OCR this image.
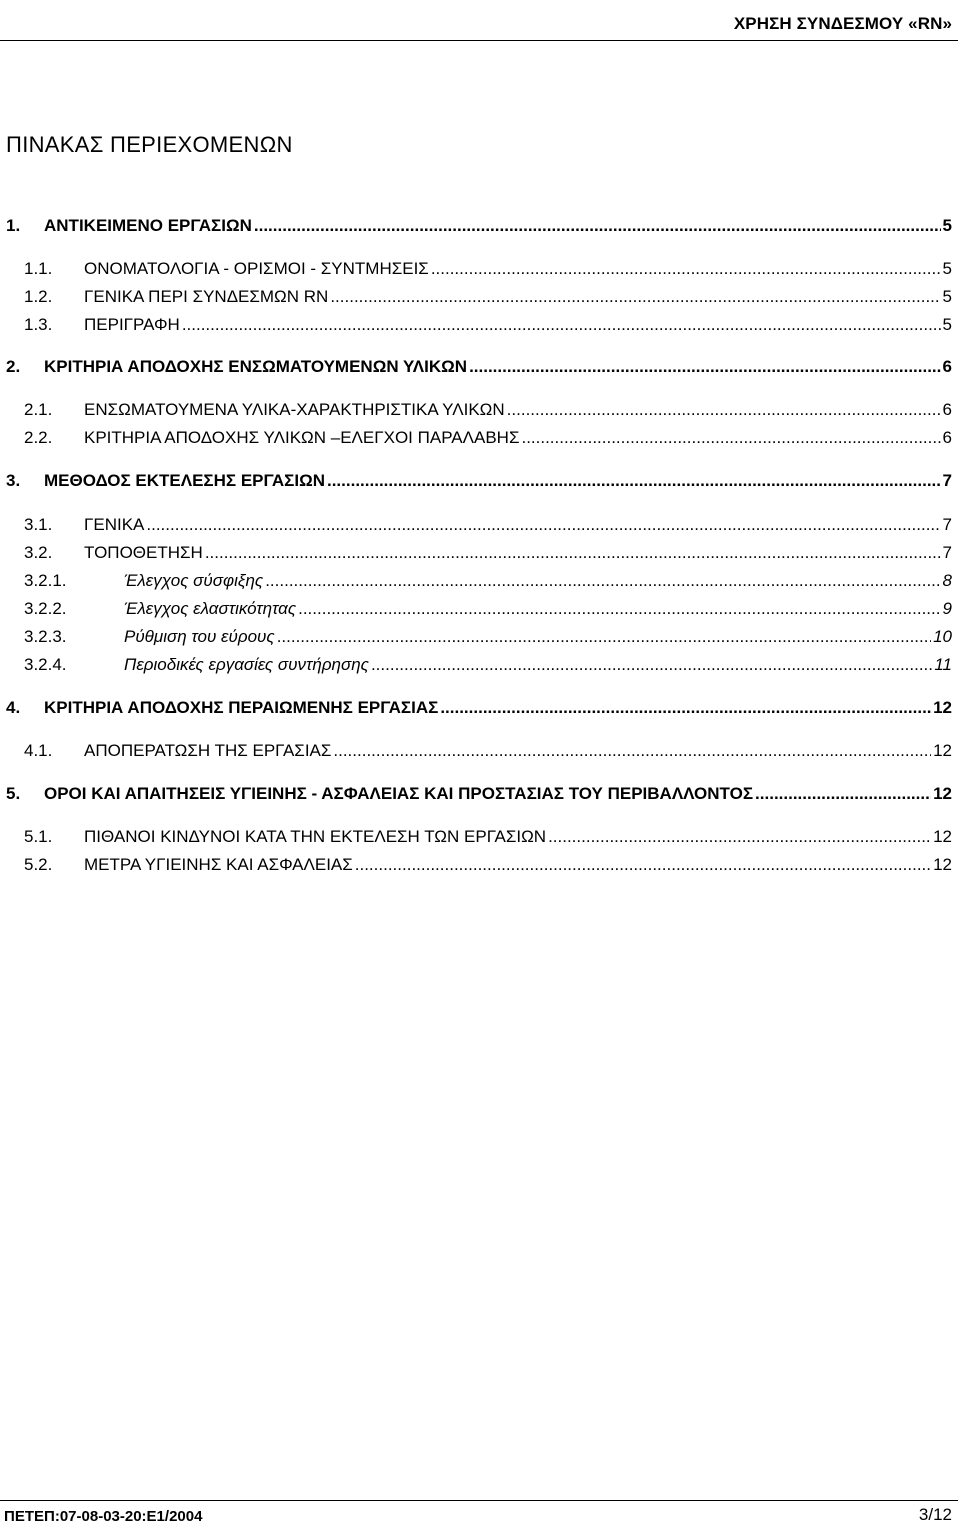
ΧΡΗΣΗ ΣΥΝΔΕΣΜΟΥ «RN»
ΠΙΝΑΚΑΣ ΠΕΡΙΕΧΟΜΕΝΩΝ
1.	ΑΝΤΙΚΕΙΜΕΝΟ ΕΡΓΑΣΙΩΝ .....	5
1.1.	ΟΝΟΜΑΤΟΛΟΓΙΑ - ΟΡΙΣΜΟΙ - ΣΥΝΤΜΗΣΕΙΣ .....	5
1.2.	ΓΕΝΙΚΑ ΠΕΡΙ ΣΥΝΔΕΣΜΩΝ RN .....	5
1.3.	ΠΕΡΙΓΡΑΦΗ .....	5
2.	ΚΡΙΤΗΡΙΑ ΑΠΟΔΟΧΗΣ ΕΝΣΩΜΑΤΟΥΜΕΝΩΝ ΥΛΙΚΩΝ .....	6
2.1.	ΕΝΣΩΜΑΤΟΥΜΕΝΑ ΥΛΙΚΑ-ΧΑΡΑΚΤΗΡΙΣΤΙΚΑ ΥΛΙΚΩΝ .....	6
2.2.	ΚΡΙΤΗΡΙΑ ΑΠΟΔΟΧΗΣ ΥΛΙΚΩΝ –ΕΛΕΓΧΟΙ ΠΑΡΑΛΑΒΗΣ .....	6
3.	ΜΕΘΟΔΟΣ ΕΚΤΕΛΕΣΗΣ ΕΡΓΑΣΙΩΝ .....	7
3.1.	ΓΕΝΙΚΑ .....	7
3.2.	ΤΟΠΟΘΕΤΗΣΗ .....	7
3.2.1.	Έλεγχος σύσφιξης .....	8
3.2.2.	Έλεγχος ελαστικότητας .....	9
3.2.3.	Ρύθμιση του εύρους .....	10
3.2.4.	Περιοδικές εργασίες συντήρησης .....	11
4.	ΚΡΙΤΗΡΙΑ ΑΠΟΔΟΧΗΣ ΠΕΡΑΙΩΜΕΝΗΣ ΕΡΓΑΣΙΑΣ .....	12
4.1.	ΑΠΟΠΕΡΑΤΩΣΗ ΤΗΣ ΕΡΓΑΣΙΑΣ .....	12
5.	ΟΡΟΙ ΚΑΙ ΑΠΑΙΤΗΣΕΙΣ ΥΓΙΕΙΝΗΣ - ΑΣΦΑΛΕΙΑΣ ΚΑΙ ΠΡΟΣΤΑΣΙΑΣ ΤΟΥ ΠΕΡΙΒΑΛΛΟΝΤΟΣ .....	12
5.1.	ΠΙΘΑΝΟΙ ΚΙΝΔΥΝΟΙ ΚΑΤΑ ΤΗΝ ΕΚΤΕΛΕΣΗ ΤΩΝ ΕΡΓΑΣΙΩΝ .....	12
5.2.	ΜΕΤΡΑ ΥΓΙΕΙΝΗΣ ΚΑΙ ΑΣΦΑΛΕΙΑΣ .....	12
ΠΕΤΕΠ:07-08-03-20:Ε1/2004	3/12
